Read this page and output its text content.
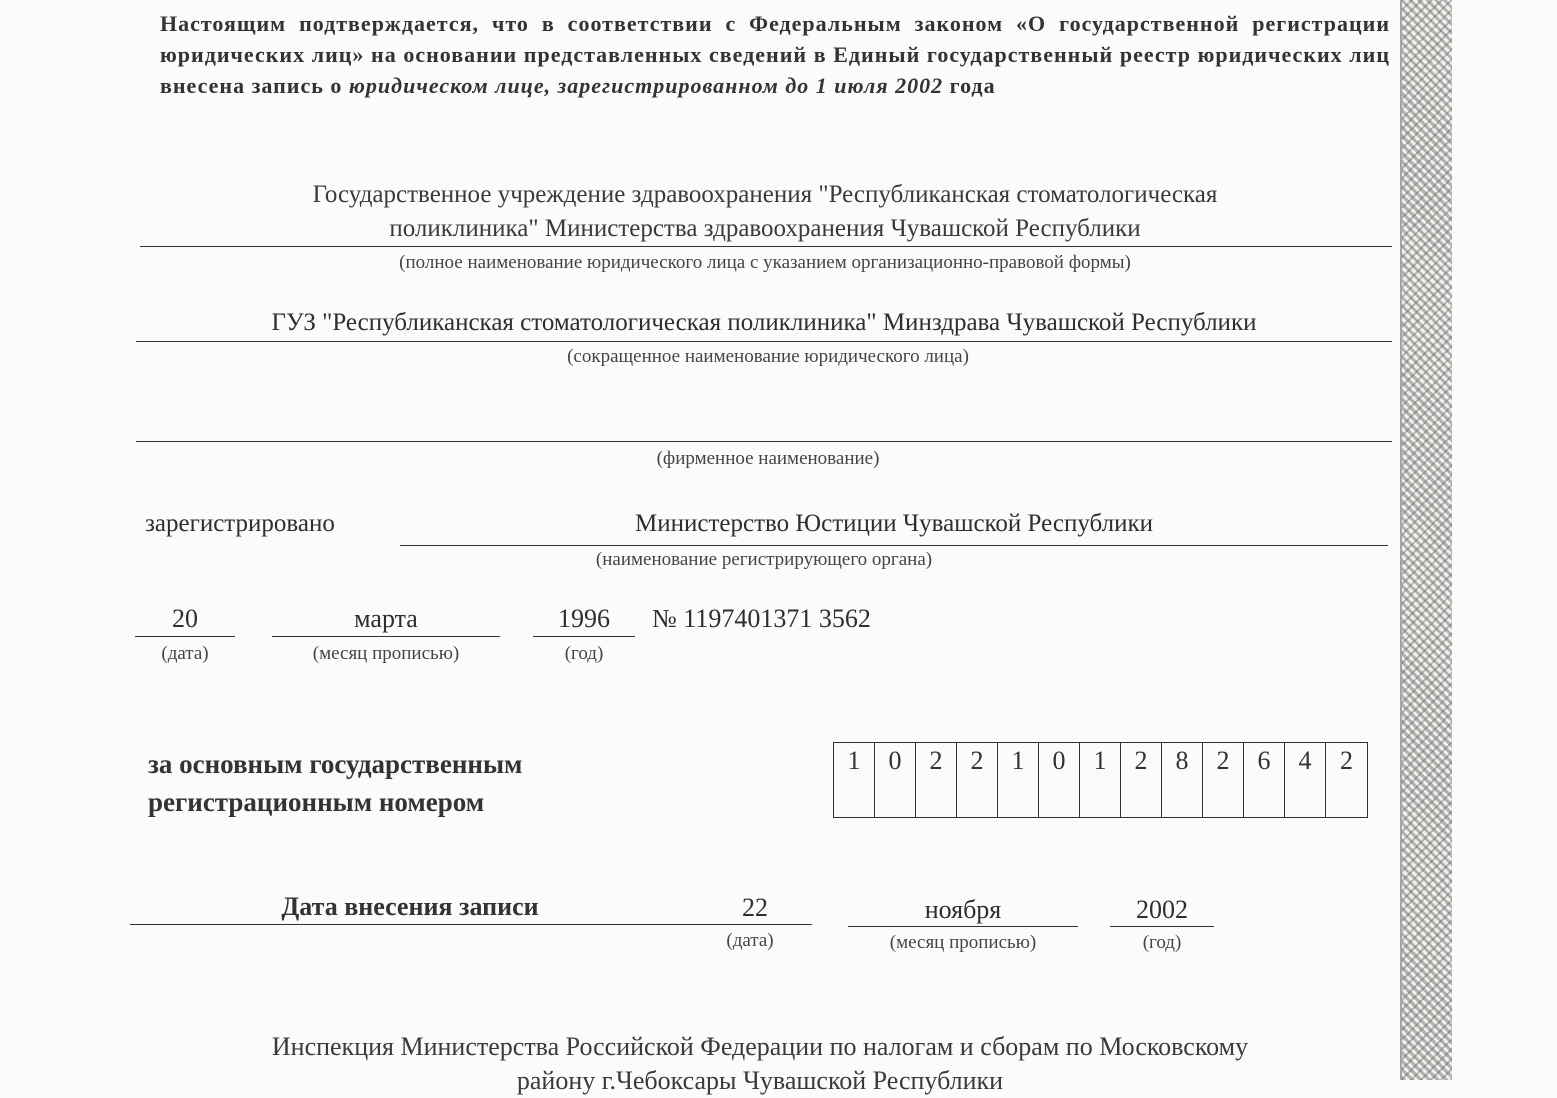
Настоящим подтверждается, что в соответствии с Федеральным законом «О государственной регистрации юридических лиц» на основании представленных сведений в Единый государственный реестр юридических лиц внесена запись о юридическом лице, зарегистрированном до 1 июля 2002 года
Государственное учреждение здравоохранения "Республиканская стоматологическая
поликлиника" Министерства здравоохранения Чувашской Республики
(полное наименование юридического лица с указанием организационно-правовой формы)
ГУЗ "Республиканская стоматологическая поликлиника" Минздрава Чувашской Республики
(сокращенное наименование юридического лица)
(фирменное наименование)
зарегистрировано	Министерство Юстиции Чувашской Республики
(наименование регистрирующего органа)
20
(дата)
марта
(месяц прописью)
1996
(год)
№ 1197401371 3562
за основным государственным
регистрационным номером
1	0	2	2	1	0	1	2	8	2	6	4	2
Дата внесения записи	22
(дата)
ноября
(месяц прописью)
2002
(год)
Инспекция Министерства Российской Федерации по налогам и сборам по Московскому
району г.Чебоксары Чувашской Республики
